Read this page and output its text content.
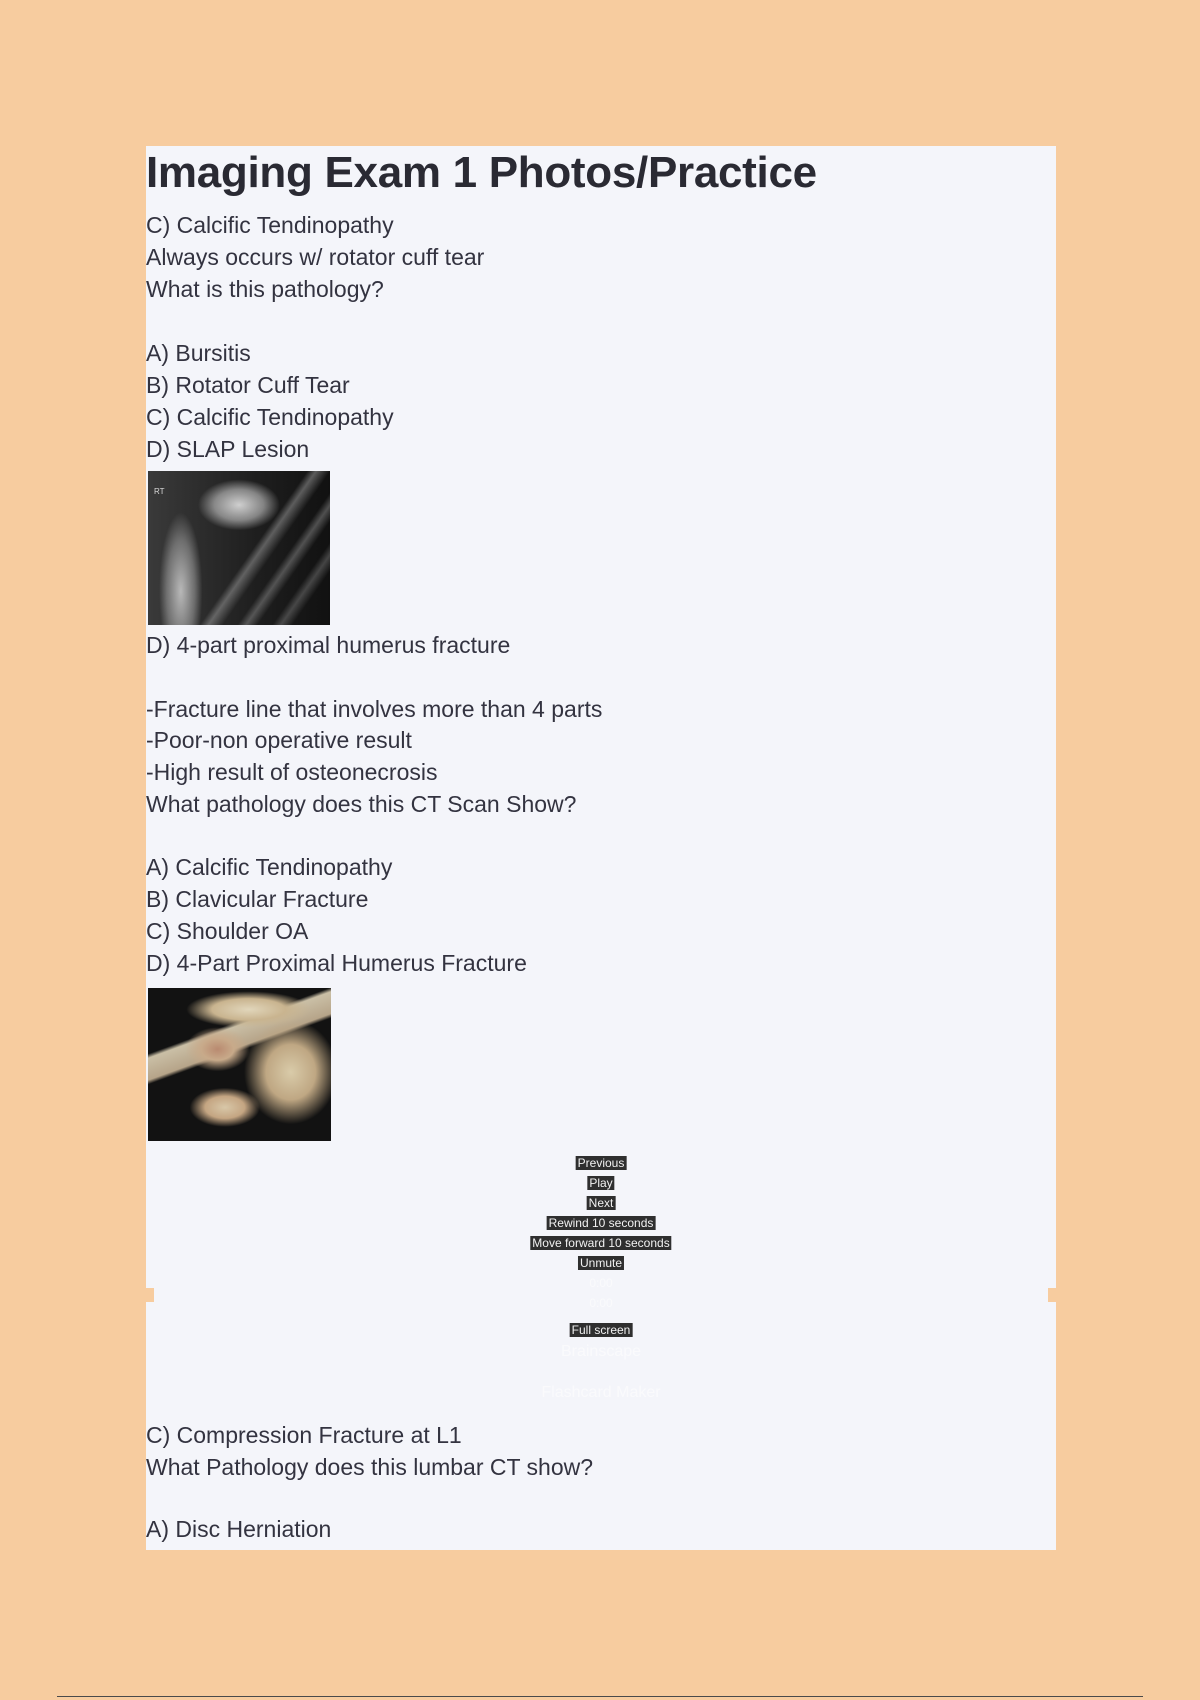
Imaging Exam 1 Photos/Practice
C) Calcific Tendinopathy
Always occurs w/ rotator cuff tear
What is this pathology?
A) Bursitis
B) Rotator Cuff Tear
C) Calcific Tendinopathy
D) SLAP Lesion
RT
D) 4-part proximal humerus fracture
-Fracture line that involves more than 4 parts
-Poor-non operative result
-High result of osteonecrosis
What pathology does this CT Scan Show?
A) Calcific Tendinopathy
B) Clavicular Fracture
C) Shoulder OA
D) 4-Part Proximal Humerus Fracture
Previous
Play
Next
Rewind 10 seconds
Move forward 10 seconds
Unmute
0:00
0:00
Full screen
Brainscape
Flashcard Maker
C) Compression Fracture at L1
What Pathology does this lumbar CT show?
A) Disc Herniation
